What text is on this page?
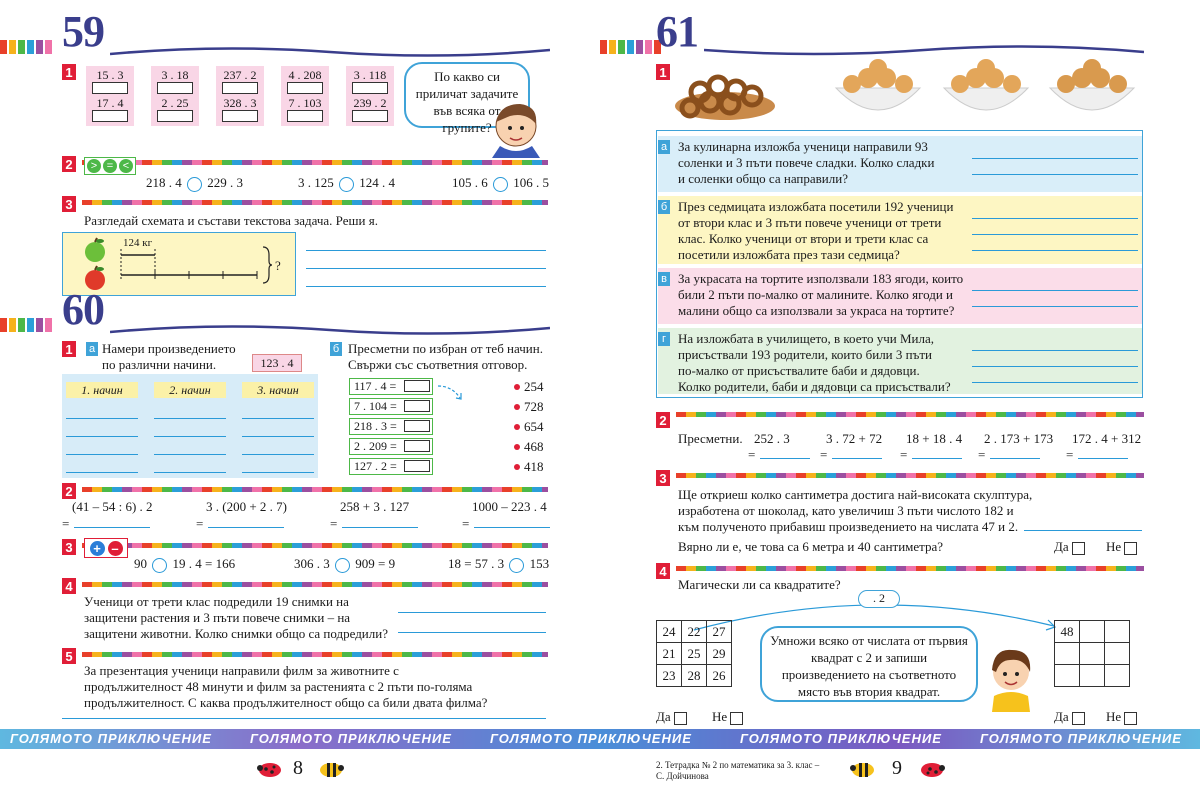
59
1	15 . 3
17 . 4
3 . 18
2 . 25
237 . 2
328 . 3
4 . 208
7 . 103
3 . 118
239 . 2
По какво си приличат задачите във всяка от групите?
2	> = <
218 . 4 229 . 3	3 . 125 124 . 4	105 . 6 106 . 5
3
Разгледай схемата и състави текстова задача. Реши я.
124 кг
?
60
1	а Намери произведението
по различни начини.	123 . 4
1. начин	2. начин	3. начин
б Пресметни по избран от теб начин.
Свържи със съответния отговор.
117 . 4 =
7 . 104 =
218 . 3 =
2 . 209 =
127 . 2 =
254
728
654
468
418
2
(41 – 54 : 6) . 2
=
3 . (200 + 2 . 7)
=
258 + 3 . 127
=
1000 – 223 . 4
=
3 + –
90 19 . 4 = 166	306 . 3 909 = 9	18 = 57 . 3 153
4
Ученици от трети клас подредили 19 снимки на
защитени растения и 3 пъти повече снимки – на
защитени животни. Колко снимки общо са подредили?
5
За презентация ученици направили филм за животните с
продължителност 48 минути и филм за растенията с 2 пъти по-голяма
продължителност. С каква продължителност общо са били двата филма?
61
1
а За кулинарна изложба ученици направили 93
соленки и 3 пъти повече сладки. Колко сладки
и соленки общо са направили?
б През седмицата изложбата посетили 192 ученици
от втори клас и 3 пъти повече ученици от трети
клас. Колко ученици от втори и трети клас са
посетили изложбата през тази седмица?
в За украсата на тортите използвали 183 ягоди, които
били 2 пъти по-малко от малините. Колко ягоди и
малини общо са използвали за украса на тортите?
г На изложбата в училището, в което учи Мила,
присъствали 193 родители, които били 3 пъти
по-малко от присъствалите баби и дядовци.
Колко родители, баби и дядовци са присъствали?
2
Пресметни. 252 . 3
=
3 . 72 + 72
=
18 + 18 . 4
=
2 . 173 + 173
=
172 . 4 + 312
=
3
Ще откриеш колко сантиметра достига най-високата скулптура,
изработена от шоколад, като увеличиш 3 пъти числото 182 и
към полученото прибавиш произведението на числата 47 и 2.
Вярно ли е, че това са 6 метра и 40 сантиметра?	Да	Не
4
Магически ли са квадратите?
. 2
24	22	27
21	25	29
23	28	26
48		

Умножи всяко от числата от първия квадрат с 2 и запиши произведението на съответното място във втория квадрат.
Да	Не	Да	Не
2. Тетрадка № 2 по математика за 3. клас –
С. Дойчинова
ГОЛЯМОТО ПРИКЛЮЧЕНИЕ	ГОЛЯМОТО ПРИКЛЮЧЕНИЕ	ГОЛЯМОТО ПРИКЛЮЧЕНИЕ	ГОЛЯМОТО ПРИКЛЮЧЕНИЕ	ГОЛЯМОТО ПРИКЛЮЧЕНИЕ
8	9
